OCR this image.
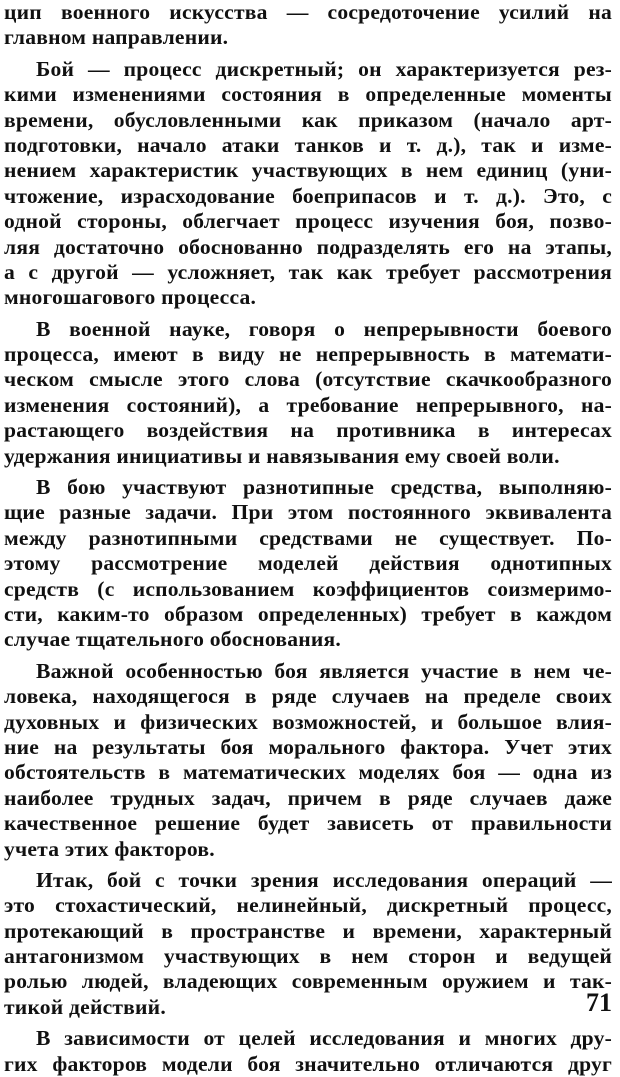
цип военного искусства — сосредоточение усилий на
главном направлении.
Бой — процесс дискретный; он характеризуется рез-
кими изменениями состояния в определенные моменты
времени, обусловленными как приказом (начало арт-
подготовки, начало атаки танков и т. д.), так и изме-
нением характеристик участвующих в нем единиц (уни-
чтожение, израсходование боеприпасов и т. д.). Это, с
одной стороны, облегчает процесс изучения боя, позво-
ляя достаточно обоснованно подразделять его на этапы,
а с другой — усложняет, так как требует рассмотрения
многошагового процесса.
В военной науке, говоря о непрерывности боевого
процесса, имеют в виду не непрерывность в математи-
ческом смысле этого слова (отсутствие скачкообразного
изменения состояний), а требование непрерывного, на-
растающего воздействия на противника в интересах
удержания инициативы и навязывания ему своей воли.
В бою участвуют разнотипные средства, выполняю-
щие разные задачи. При этом постоянного эквивалента
между разнотипными средствами не существует. По-
этому рассмотрение моделей действия однотипных
средств (с использованием коэффициентов соизмеримо-
сти, каким-то образом определенных) требует в каждом
случае тщательного обоснования.
Важной особенностью боя является участие в нем че-
ловека, находящегося в ряде случаев на пределе своих
духовных и физических возможностей, и большое влия-
ние на результаты боя морального фактора. Учет этих
обстоятельств в математических моделях боя — одна из
наиболее трудных задач, причем в ряде случаев даже
качественное решение будет зависеть от правильности
учета этих факторов.
Итак, бой с точки зрения исследования операций —
это стохастический, нелинейный, дискретный процесс,
протекающий в пространстве и времени, характерный
антагонизмом участвующих в нем сторон и ведущей
ролью людей, владеющих современным оружием и так-
тикой действий.
В зависимости от целей исследования и многих дру-
гих факторов модели боя значительно отличаются друг
71
